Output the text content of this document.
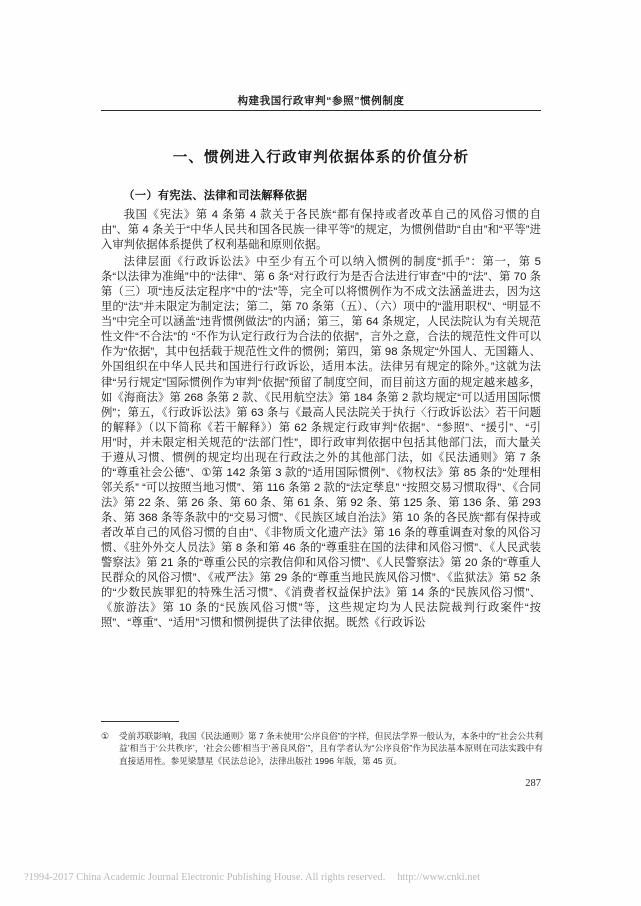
构建我国行政审判“参照”惯例制度
一、惯例进入行政审判依据体系的价值分析
（一）有宪法、法律和司法解释依据

我国《宪法》第 4 条第 4 款关于各民族“都有保持或者改革自己的风俗习惯的自由”、第 4 条关于“中华人民共和国各民族一律平等”的规定，为惯例借助“自由”和“平等”进入审判依据体系提供了权利基础和原则依据。

法律层面《行政诉讼法》中至少有五个可以纳入惯例的制度“抓手”：第一，第 5 条“以法律为准绳”中的“法律”、第 6 条“对行政行为是否合法进行审查”中的“法”、第 70 条第（三）项“违反法定程序”中的“法”等，完全可以将惯例作为不成文法涵盖进去，因为这里的“法”并未限定为制定法；第二，第 70 条第（五）、（六）项中的“滥用职权”、“明显不当”中完全可以涵盖“违背惯例做法”的内涵；第三，第 64 条规定，人民法院认为有关规范性文件“不合法”的 “不作为认定行政行为合法的依据”，言外之意，合法的规范性文件可以作为“依据”，其中包括载于规范性文件的惯例；第四，第 98 条规定“外国人、无国籍人、外国组织在中华人民共和国进行行政诉讼，适用本法。法律另有规定的除外。”这就为法律“另行规定”国际惯例作为审判“依据”预留了制度空间，而目前这方面的规定越来越多，如《海商法》第 268 条第 2 款、《民用航空法》第 184 条第 2 款均规定“可以适用国际惯例”；第五，《行政诉讼法》第 63 条与《最高人民法院关于执行〈行政诉讼法〉若干问题的解释》（以下简称《若干解释》）第 62 条规定行政审判“依据”、“参照”、“援引”、“引用”时，并未限定相关规范的“法部门性”，即行政审判依据中包括其他部门法，而大量关于遵从习惯、惯例的规定均出现在行政法之外的其他部门法，如《民法通则》第 7 条的“尊重社会公德”、①第 142 条第 3 款的“适用国际惯例”、《物权法》第 85 条的“处理相邻关系” “可以按照当地习惯”、第 116 条第 2 款的“法定孳息” “按照交易习惯取得”、《合同法》第 22 条、第 26 条、第 60 条、第 61 条、第 92 条、第 125 条、第 136 条、第 293 条、第 368 条等条款中的“交易习惯”、《民族区域自治法》第 10 条的各民族“都有保持或者改革自己的风俗习惯的自由”、《非物质文化遗产法》第 16 条的尊重调查对象的风俗习惯、《驻外外交人员法》第 8 条和第 46 条的“尊重驻在国的法律和风俗习惯”、《人民武装警察法》第 21 条的“尊重公民的宗教信仰和风俗习惯”、《人民警察法》第 20 条的“尊重人民群众的风俗习惯”、《戒严法》第 29 条的“尊重当地民族风俗习惯”、《监狱法》第 52 条的“少数民族罪犯的特殊生活习惯”、《消费者权益保护法》第 14 条的“民族风俗习惯”、《旅游法》第 10 条的“民族风俗习惯”等，这些规定均为人民法院裁判行政案件“按照”、“尊重”、“适用”习惯和惯例提供了法律依据。既然《行政诉讼

①	受前苏联影响，我国《民法通则》第 7 条未使用“公序良俗”的字样，但民法学界一般认为，本条中的“‘社会公共利益’相当于‘公共秩序’，‘社会公德’相当于‘善良风俗’”，且有学者认为“公序良俗”作为民法基本原则在司法实践中有直接适用性。参见梁慧星《民法总论》，法律出版社 1996 年版，第 45 页。
287
?1994-2017 China Academic Journal Electronic Publishing House. All rights reserved. http://www.cnki.net
